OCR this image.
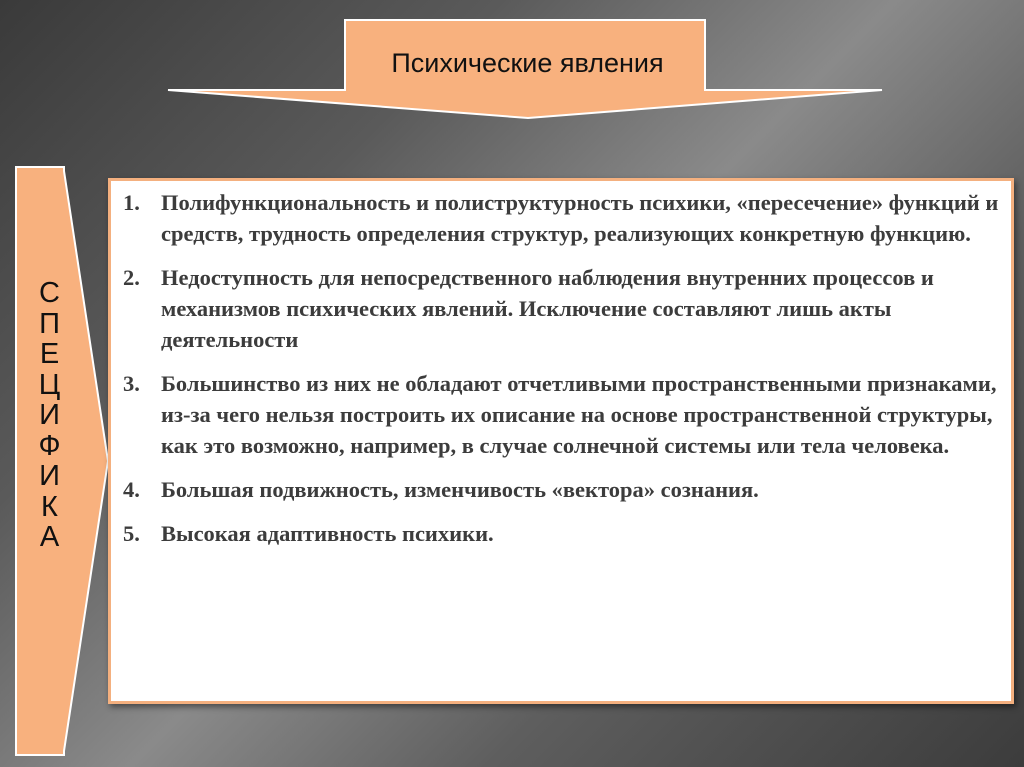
Психические явления
С
П
Е
Ц
И
Ф
И
К
А
1. Полифункциональность и полиструктурность психики, «пересечение» функций и средств, трудность определения структур, реализующих конкретную функцию.
2. Недоступность для непосредственного наблюдения внутренних процессов и механизмов психических явлений. Исключение составляют лишь акты деятельности
3. Большинство из них не обладают отчетливыми пространственными признаками, из-за чего нельзя построить их описание на основе пространственной структуры, как это возможно, например, в случае солнечной системы или тела человека.
4. Большая подвижность, изменчивость «вектора» сознания.
5. Высокая адаптивность психики.
